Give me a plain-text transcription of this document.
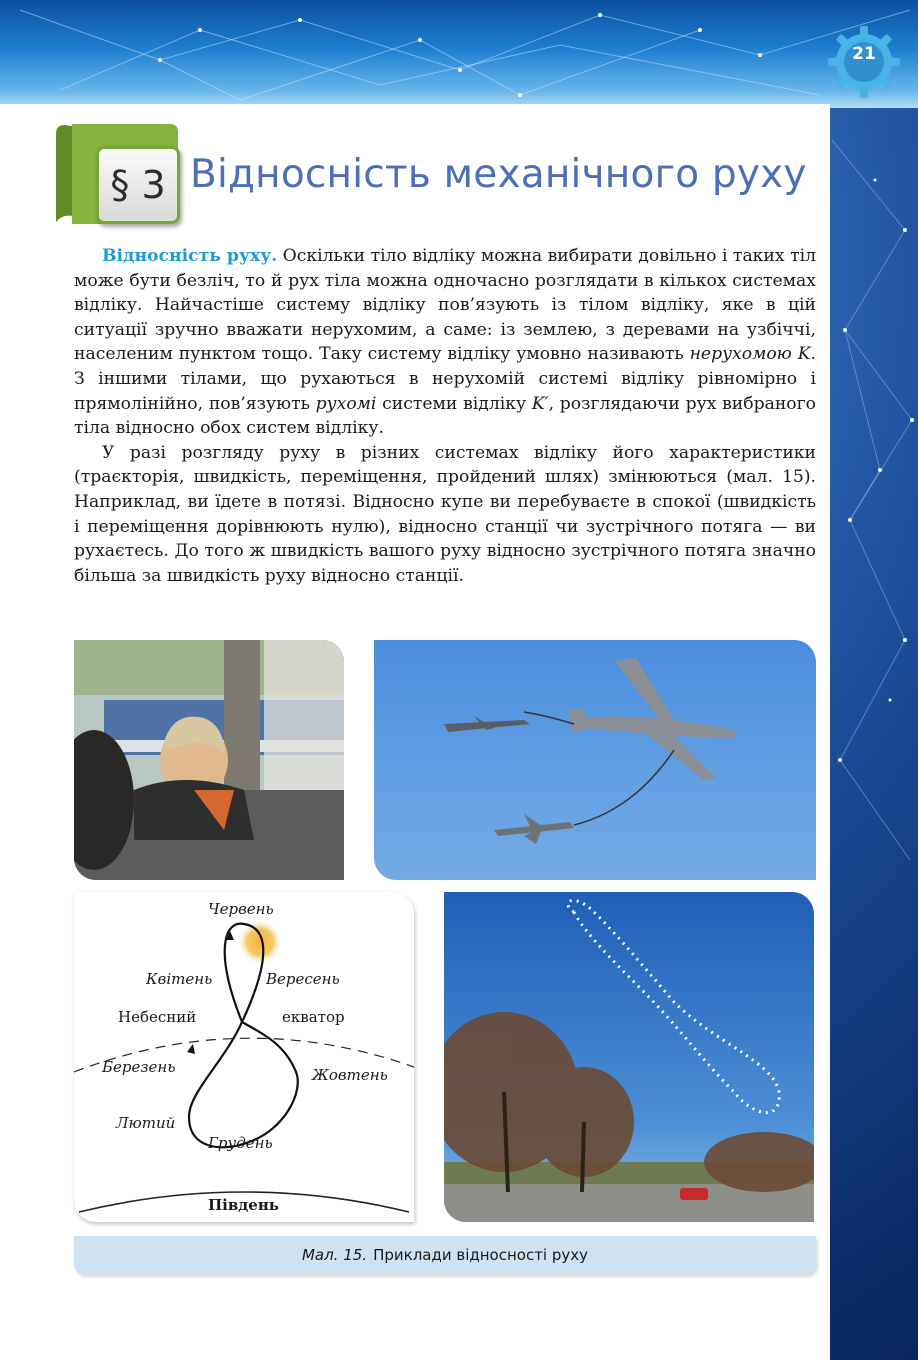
21
§ 3 Відносність механічного руху

Відносність руху. Оскільки тіло відліку можна вибирати довільно і таких тіл може бути безліч, то й рух тіла можна одночасно розглядати в кількох системах відліку. Найчастіше систему відліку пов’язують із тілом відліку, яке в цій ситуації зручно вважати нерухомим, а саме: із землею, з деревами на узбіччі, населеним пунктом тощо. Таку систему відліку умовно називають нерухомою K. З іншими тілами, що рухаються в нерухомій системі відліку рівномірно і прямолінійно, пов’язують рухомі системи відліку K′, розглядаючи рух вибраного тіла відносно обох систем відліку.

У разі розгляду руху в різних системах відліку його характеристики (траєкторія, швидкість, переміщення, пройдений шлях) змінюються (мал. 15). Наприклад, ви їдете в потязі. Відносно купе ви перебуваєте в спокої (швидкість і переміщення дорівнюють нулю), відносно станції чи зустрічного потяга — ви рухаєтесь. До того ж швидкість вашого руху відносно зустрічного потяга значно більша за швидкість руху відносно станції.

Червень
Квітень	Вересень
Небесний	екватор
Березень	Жовтень
Лютий
Грудень
Південь
Мал. 15. Приклади відносності руху
